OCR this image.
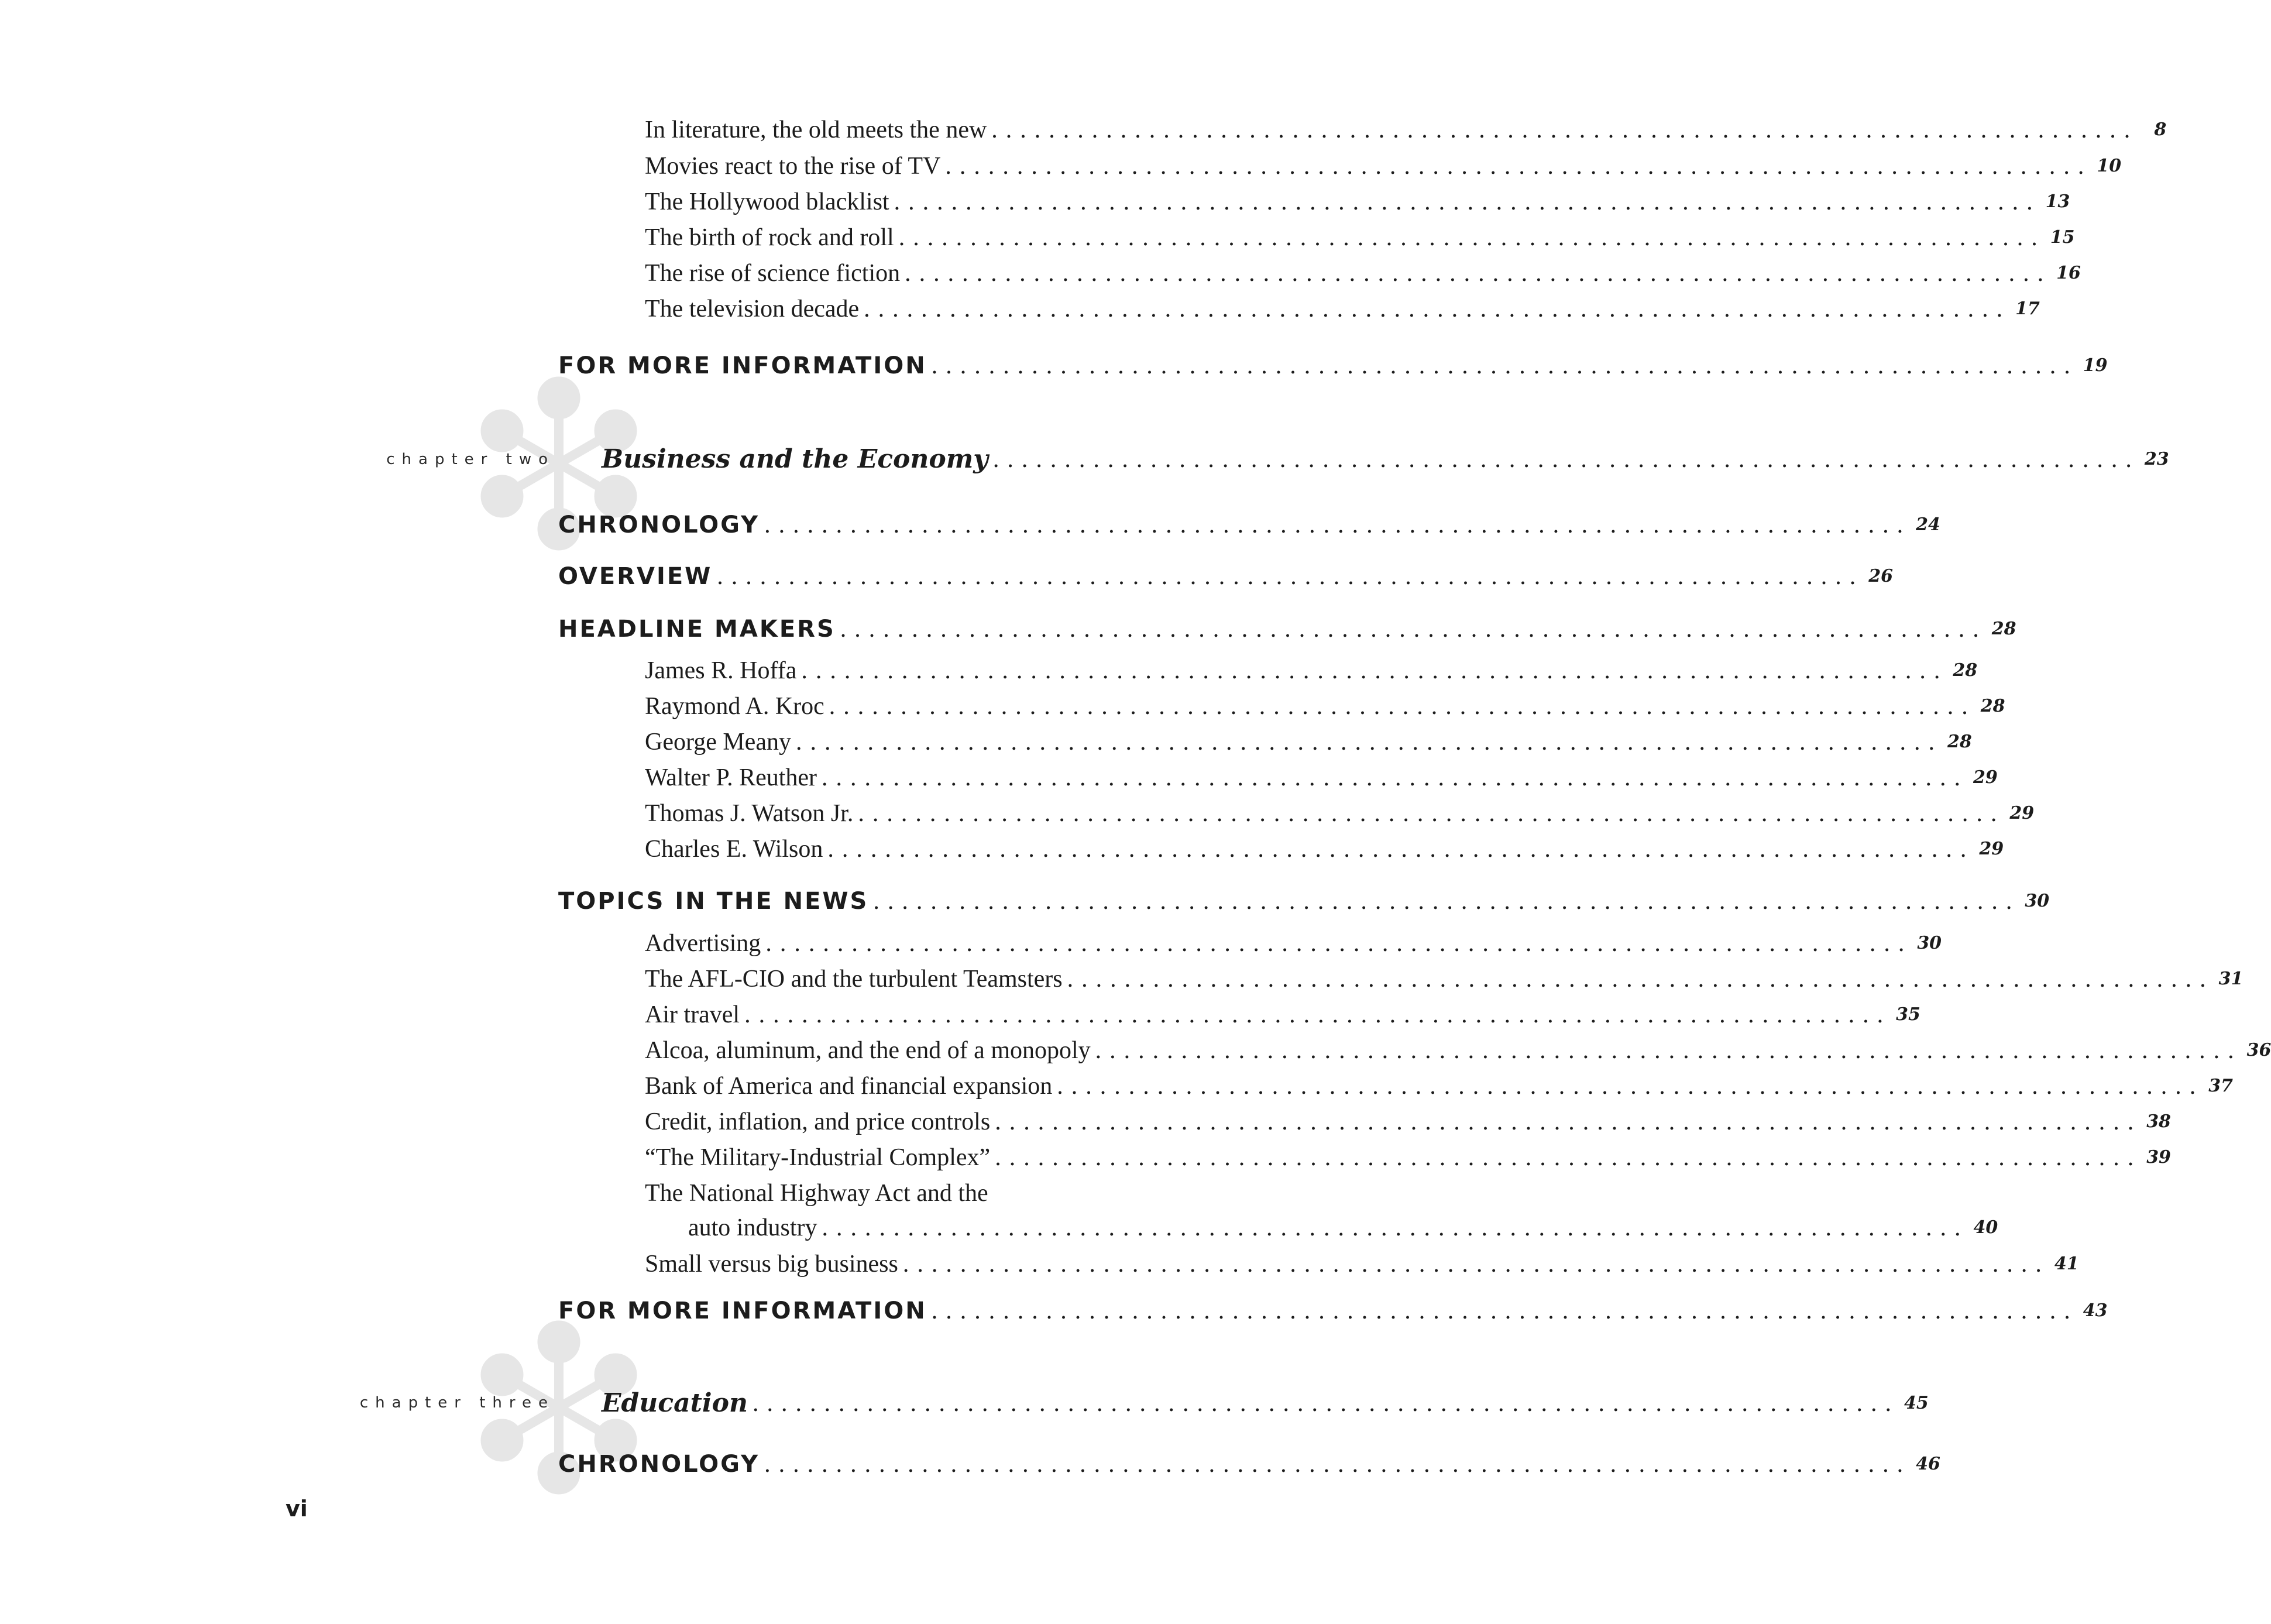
In literature, the old meets the new ................................................................................ 8
Movies react to the rise of TV ................................................................................ 10
The Hollywood blacklist ................................................................................ 13
The birth of rock and roll ................................................................................ 15
The rise of science fiction ................................................................................ 16
The television decade ................................................................................ 17
FOR MORE INFORMATION ................................................................................ 19
chapter two Business and the Economy ................................................................................ 23
CHRONOLOGY ................................................................................ 24
OVERVIEW ................................................................................ 26
HEADLINE MAKERS ................................................................................ 28
James R. Hoffa ................................................................................ 28
Raymond A. Kroc ................................................................................ 28
George Meany ................................................................................ 28
Walter P. Reuther ................................................................................ 29
Thomas J. Watson Jr. ................................................................................ 29
Charles E. Wilson ................................................................................ 29
TOPICS IN THE NEWS ................................................................................ 30
Advertising ................................................................................ 30
The AFL-CIO and the turbulent Teamsters ................................................................................ 31
Air travel ................................................................................ 35
Alcoa, aluminum, and the end of a monopoly ................................................................................ 36
Bank of America and financial expansion ................................................................................ 37
Credit, inflation, and price controls ................................................................................ 38
“The Military-Industrial Complex” ................................................................................ 39
The National Highway Act and the
auto industry ................................................................................ 40
Small versus big business ................................................................................ 41
FOR MORE INFORMATION ................................................................................ 43
chapter three Education ................................................................................ 45
CHRONOLOGY ................................................................................ 46
vi
